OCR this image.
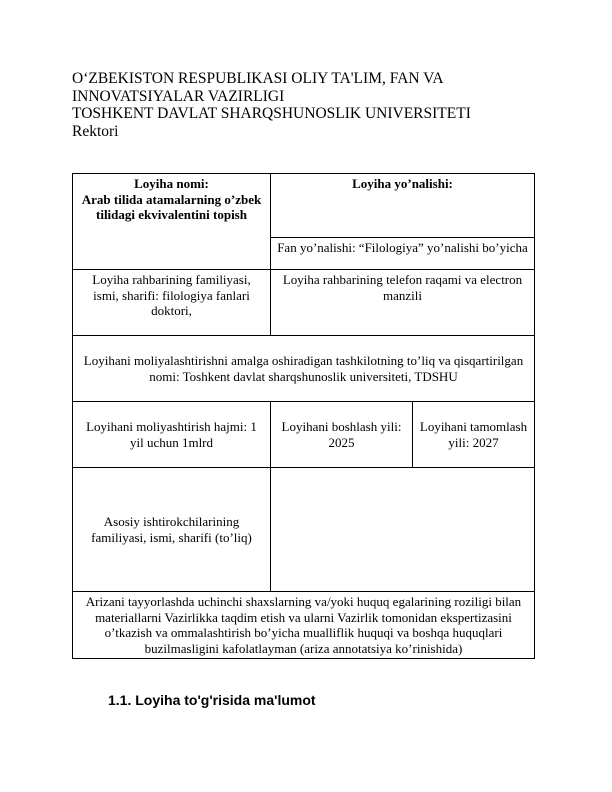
O‘ZBEKISTON RESPUBLIKASI OLIY TA'LIM, FAN VA
INNOVATSIYALAR VAZIRLIGI
TOSHKENT DAVLAT SHARQSHUNOSLIK UNIVERSITETI
Rektori
Loyiha nomi:
Arab tilida atamalarning o’zbek tilidagi ekvivalentini topish	Loyiha yo’nalishi:	
	Fan yo’nalishi: “Filologiya” yo’nalishi bo’yicha	
Loyiha rahbarining familiyasi, ismi, sharifi: filologiya fanlari doktori,	Loyiha rahbarining telefon raqami va electron manzili	
Loyihani moliyalashtirishni amalga oshiradigan tashkilotning to’liq va qisqartirilgan nomi: Toshkent davlat sharqshunoslik universiteti, TDSHU		
Loyihani moliyashtirish hajmi: 1 yil uchun 1mlrd	Loyihani boshlash yili: 2025	Loyihani tamomlash yili: 2027
Asosiy ishtirokchilarining familiyasi, ismi, sharifi (to’liq)		
Arizani tayyorlashda uchinchi shaxslarning va/yoki huquq egalarining roziligi bilan materiallarni Vazirlikka taqdim etish va ularni Vazirlik tomonidan ekspertizasini o’tkazish va ommalashtirish bo’yicha mualliflik huquqi va boshqa huquqlari buzilmasligini kafolatlayman (ariza annotatsiya ko’rinishida)		
1.1. Loyiha to'g'risida ma'lumot
